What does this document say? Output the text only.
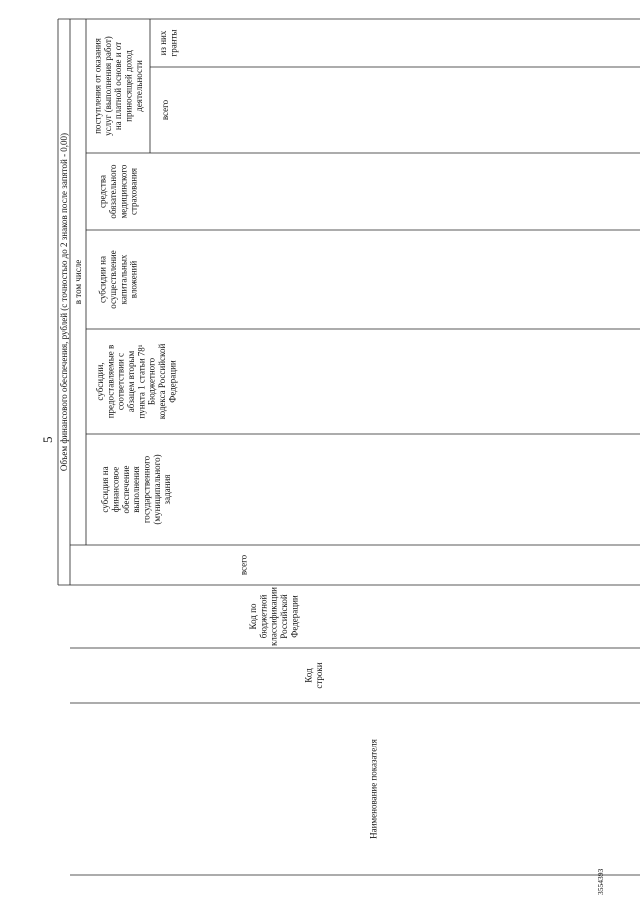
5
3554393
Наименование показателя
Кодстроки
Код побюджетнойклассификацииРоссийскойФедерации
Объем финансового обеспечения, рублей (с точностью до 2 знаков после запятой - 0,00)
всего
в том числе
субсидия нафинансовоеобеспечениевыполнениягосударственного(муниципального)задания
субсидии,предоставляемые всоответствии сабзацем вторымпункта 1 статьи 78¹Бюджетногокодекса РоссийскойФедерации
субсидии наосуществлениекапитальныхвложений
средстваобязательногомедицинскогострахования
поступления от оказанияуслуг (выполнения работ)на платной основе и отприносящей доходдеятельности всего
из нихгранты
